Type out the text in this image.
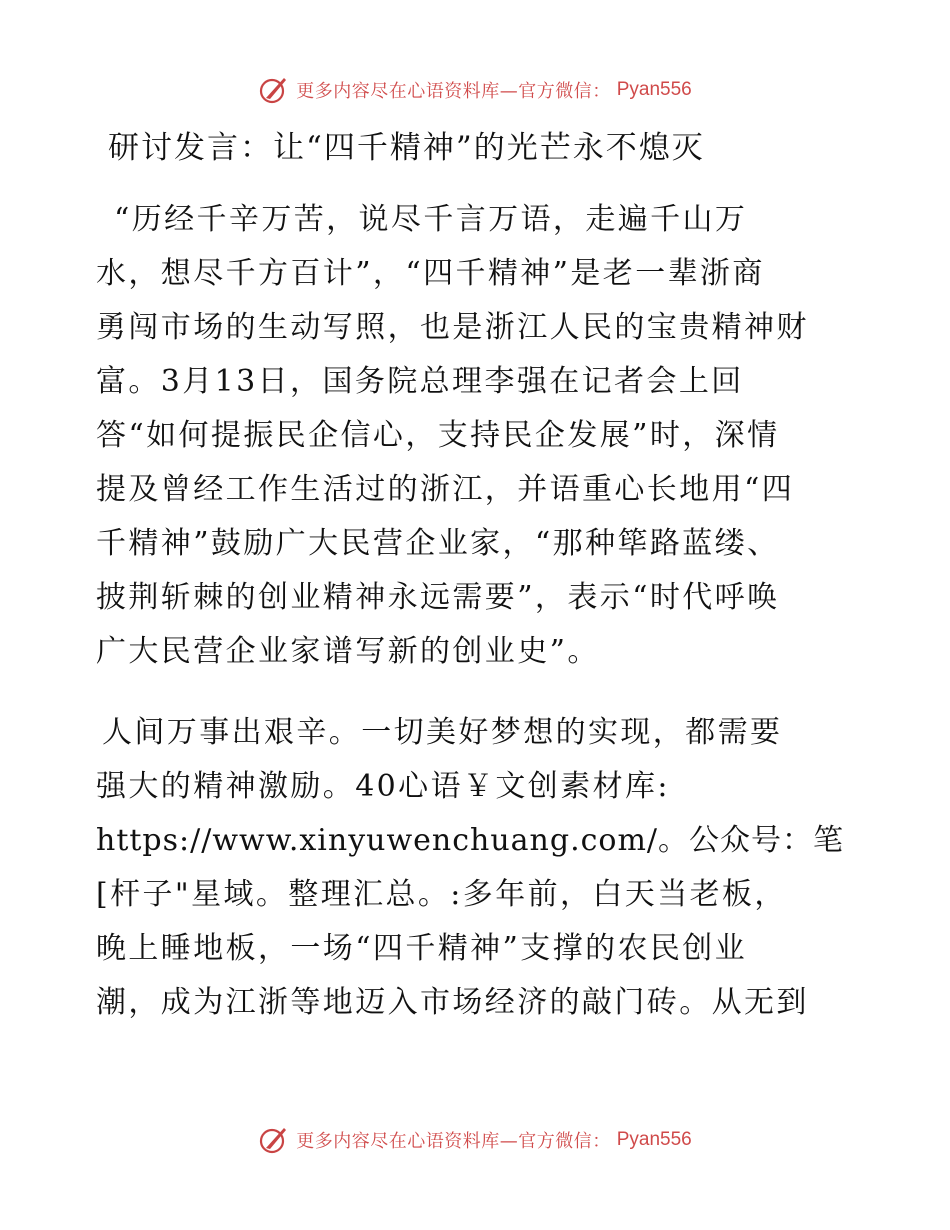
更多内容尽在心语资料库—官方微信： Pyan556
研讨发言：让“四千精神”的光芒永不熄灭
“历经千辛万苦，说尽千言万语，走遍千山万
水，想尽千方百计”，“四千精神”是老一辈浙商
勇闯市场的生动写照，也是浙江人民的宝贵精神财
富。3月13日，国务院总理李强在记者会上回
答“如何提振民企信心，支持民企发展”时，深情
提及曾经工作生活过的浙江，并语重心长地用“四
千精神”鼓励广大民营企业家，“那种筚路蓝缕、
披荆斩棘的创业精神永远需要”，表示“时代呼唤
广大民营企业家谱写新的创业史”。
人间万事出艰辛。一切美好梦想的实现，都需要
强大的精神激励。40心语￥文创素材库:
https://www.xinyuwenchuang.com/。公众号：笔
[杆子"星域。整理汇总。:多年前，白天当老板，
晚上睡地板，一场“四千精神”支撑的农民创业
潮，成为江浙等地迈入市场经济的敲门砖。从无到
更多内容尽在心语资料库—官方微信： Pyan556
